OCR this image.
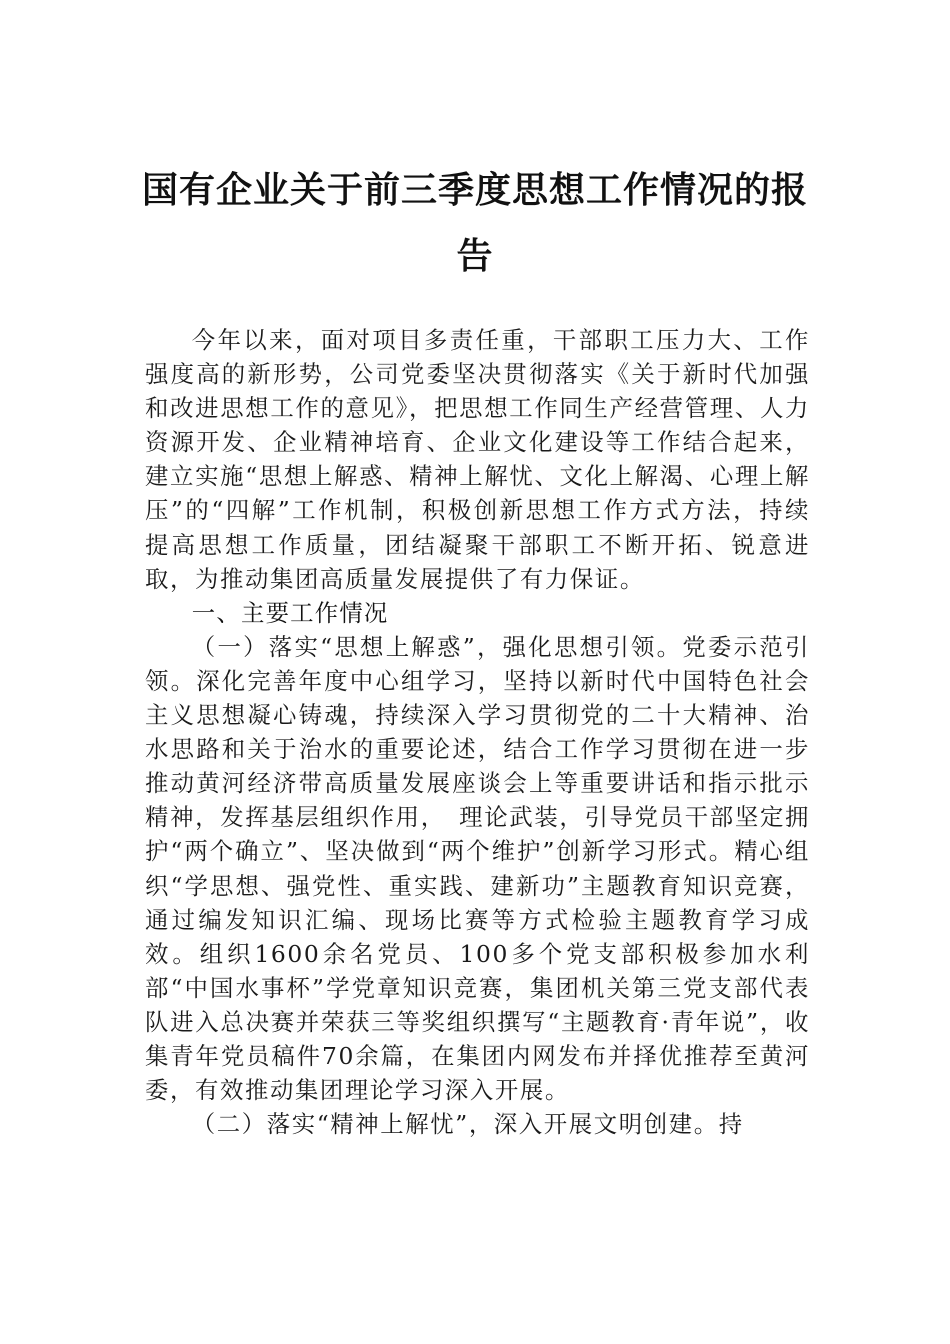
国有企业关于前三季度思想工作情况的报告

今年以来，面对项目多责任重，干部职工压力大、工作强度高的新形势，公司党委坚决贯彻落实《关于新时代加强和改进思想工作的意见》，把思想工作同生产经营管理、人力资源开发、企业精神培育、企业文化建设等工作结合起来，建立实施“思想上解惑、精神上解忧、文化上解渴、心理上解压”的“四解”工作机制，积极创新思想工作方式方法，持续提高思想工作质量，团结凝聚干部职工不断开拓、锐意进取，为推动集团高质量发展提供了有力保证。

一、主要工作情况

（一）落实“思想上解惑”，强化思想引领。党委示范引领。深化完善年度中心组学习，坚持以新时代中国特色社会主义思想凝心铸魂，持续深入学习贯彻党的二十大精神、治水思路和关于治水的重要论述，结合工作学习贯彻在进一步推动黄河经济带高质量发展座谈会上等重要讲话和指示批示精神，发挥基层组织作用，　理论武装，引导党员干部坚定拥护“两个确立”、坚决做到“两个维护”创新学习形式。精心组织“学思想、强党性、重实践、建新功”主题教育知识竞赛，通过编发知识汇编、现场比赛等方式检验主题教育学习成效。组织1600余名党员、100多个党支部积极参加水利部“中国水事杯”学党章知识竞赛，集团机关第三党支部代表队进入总决赛并荣获三等奖组织撰写“主题教育·青年说”，收集青年党员稿件70余篇，在集团内网发布并择优推荐至黄河委，有效推动集团理论学习深入开展。

（二）落实“精神上解忧”，深入开展文明创建。持
